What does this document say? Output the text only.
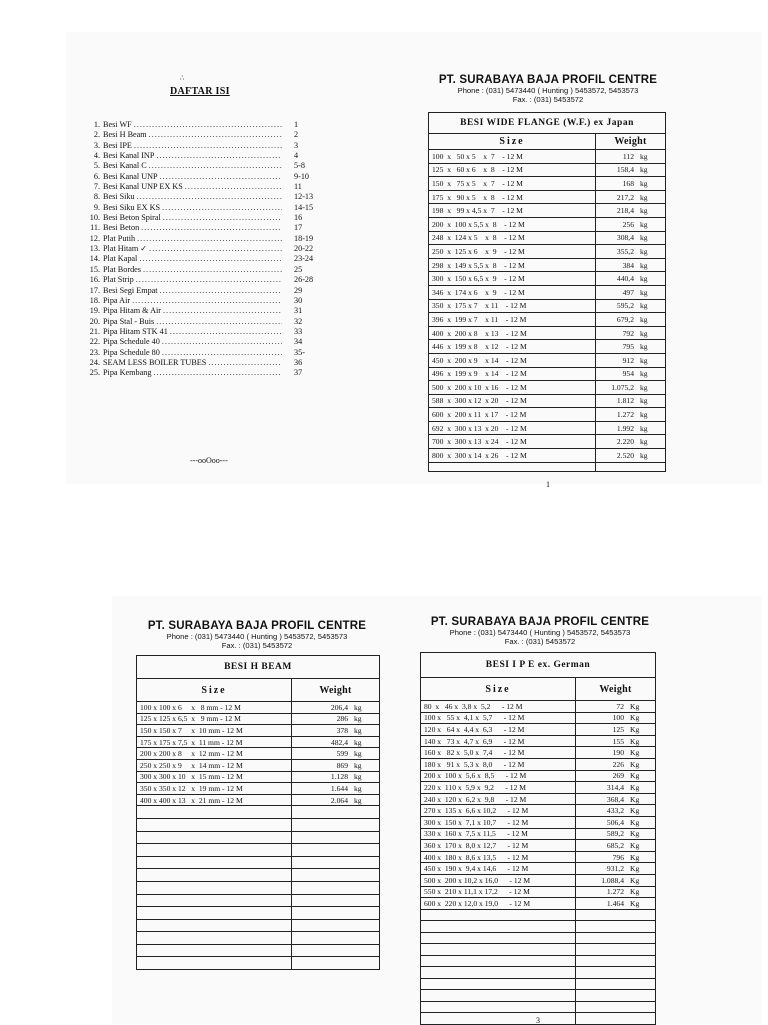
∴
DAFTAR ISI
1. Besi WF .....	1
2. Besi H Beam .....	2
3. Besi IPE .....	3
4. Besi Kanal INP .....	4
5. Besi Kanal C .....	5-8
6. Besi Kanal UNP .....	9-10
7. Besi Kanal UNP EX KS .....	11
8. Besi Siku .....	12-13
9. Besi Siku EX KS .....	14-15
10. Besi Beton Spiral .....	16
11. Besi Beton .....	17
12. Plat Putih .....	18-19
13. Plat Hitam ✓ .....	20-22
14. Plat Kapal .....	23-24
15. Plat Bordes .....	25
16. Plat Strip .....	26-28
17. Besi Segi Empat .....	29
18. Pipa Air .....	30
19. Pipa Hitam & Air .....	31
20. Pipa Stal - Buis .....	32
21. Pipa Hitam STK 41 .....	33
22. Pipa Schedule 40 .....	34
23. Pipa Schedule 80 .....	35-
24. SEAM LESS BOILER TUBES .....	36
25. Pipa Kembang .....	37
---ooOoo---
PT. SURABAYA BAJA PROFIL CENTRE
Phone : (031) 5473440 ( Hunting ) 5453572, 5453573
Fax. : (031) 5453572
BESI WIDE FLANGE (W.F.) ex Japan	
Size	Weight
100  x   50 x 5    x  7    - 12 M	112 kg
125  x   60 x 6    x  8    - 12 M	158,4 kg
150  x   75 x 5    x  7    - 12 M	168 kg
175  x   90 x 5    x  8    - 12 M	217,2 kg
198  x   99 x 4,5 x  7    - 12 M	218,4 kg
200  x  100 x 5,5 x  8    - 12 M	256 kg
248  x  124 x 5    x  8    - 12 M	308,4 kg
250  x  125 x 6    x  9    - 12 M	355,2 kg
298  x  149 x 5,5 x  8    - 12 M	384 kg
300  x  150 x 6,5 x  9    - 12 M	440,4 kg
346  x  174 x 6    x  9    - 12 M	497 kg
350  x  175 x 7    x 11    - 12 M	595,2 kg
396  x  199 x 7    x 11    - 12 M	679,2 kg
400  x  200 x 8    x 13    - 12 M	792 kg
446  x  199 x 8    x 12    - 12 M	795 kg
450  x  200 x 9    x 14    - 12 M	912 kg
496  x  199 x 9    x 14    - 12 M	954 kg
500  x  200 x 10  x 16    - 12 M	1.075,2 kg
588  x  300 x 12  x 20    - 12 M	1.812 kg
600  x  200 x 11  x 17    - 12 M	1.272 kg
692  x  300 x 13  x 20    - 12 M	1.992 kg
700  x  300 x 13  x 24    - 12 M	2.220 kg
800  x  300 x 14  x 26    - 12 M	2.520 kg

1
PT. SURABAYA BAJA PROFIL CENTRE
Phone : (031) 5473440 ( Hunting ) 5453572, 5453573
Fax. : (031) 5453572
BESI H BEAM	
Size	Weight
100 x 100 x 6     x   8 mm - 12 M	206,4 kg
125 x 125 x 6,5  x   9 mm - 12 M	286 kg
150 x 150 x 7     x  10 mm - 12 M	378 kg
175 x 175 x 7,5  x  11 mm - 12 M	482,4 kg
200 x 200 x 8     x  12 mm - 12 M	599 kg
250 x 250 x 9     x  14 mm - 12 M	869 kg
300 x 300 x 10   x  15 mm - 12 M	1.128 kg
350 x 350 x 12   x  19 mm - 12 M	1.644 kg
400 x 400 x 13   x  21 mm - 12 M	2.064 kg

PT. SURABAYA BAJA PROFIL CENTRE
Phone : (031) 5473440 ( Hunting ) 5453572, 5453573
Fax. : (031) 5453572
BESI I P E ex. German	
Size	Weight
80  x   46 x  3,8 x  5,2      - 12 M	72 Kg
100 x   55 x  4,1 x  5,7      - 12 M	100 Kg
120 x   64 x  4,4 x  6,3      - 12 M	125 Kg
140 x   73 x  4,7 x  6,9      - 12 M	155 Kg
160 x   82 x  5,0 x  7,4      - 12 M	190 Kg
180 x   91 x  5,3 x  8,0      - 12 M	226 Kg
200 x  100 x  5,6 x  8,5      - 12 M	269 Kg
220 x  110 x  5,9 x  9,2      - 12 M	314,4 Kg
240 x  120 x  6,2 x  9,8      - 12 M	368,4 Kg
270 x  135 x  6,6 x 10,2      - 12 M	433,2 Kg
300 x  150 x  7,1 x 10,7      - 12 M	506,4 Kg
330 x  160 x  7,5 x 11,5      - 12 M	589,2 Kg
360 x  170 x  8,0 x 12,7      - 12 M	685,2 Kg
400 x  180 x  8,6 x 13,5      - 12 M	796 Kg
450 x  190 x  9,4 x 14,6      - 12 M	931,2 Kg
500 x  200 x 10,2 x 16,0      - 12 M	1.088,4 Kg
550 x  210 x 11,1 x 17,2      - 12 M	1.272 Kg
600 x  220 x 12,0 x 19,0      - 12 M	1.464 Kg

3
